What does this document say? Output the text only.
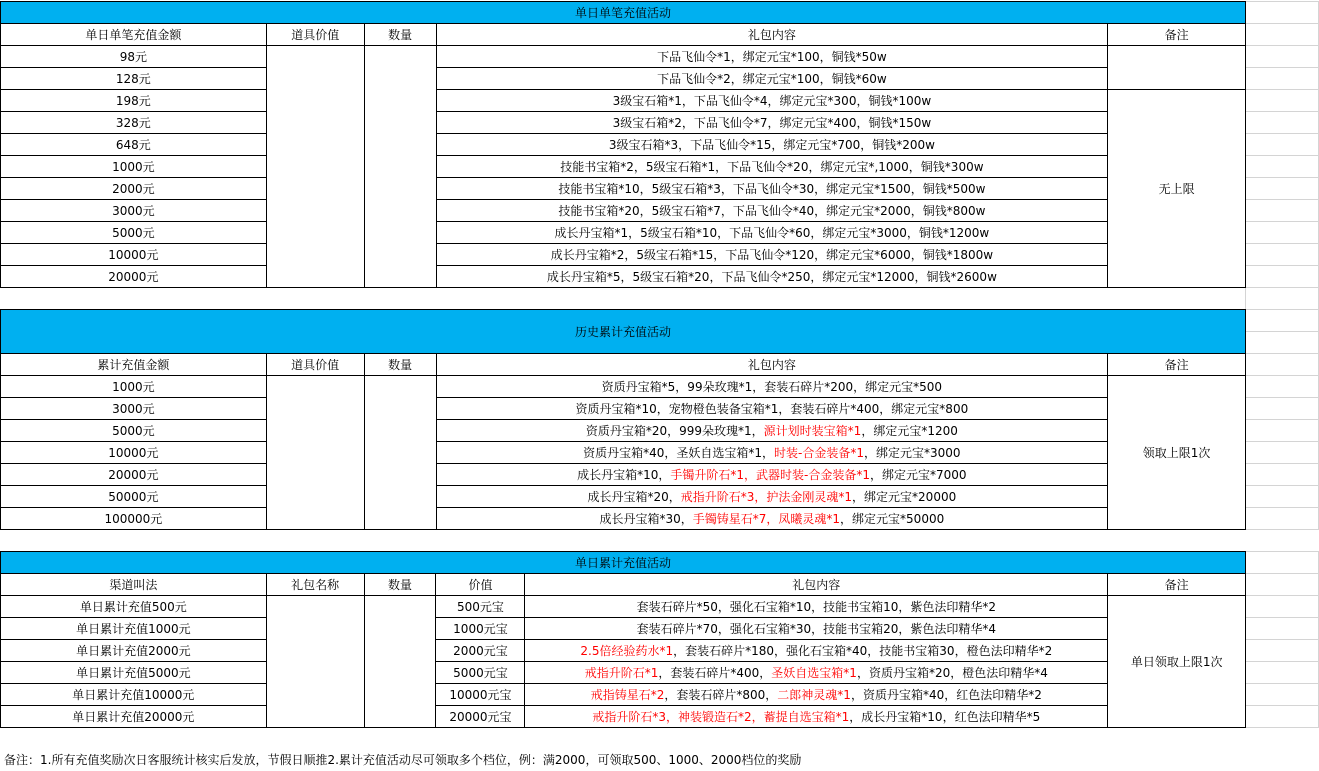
单日单笔充值活动					
单日单笔充值金额	道具价值	数量	礼包内容	备注	
98元			下品飞仙令*1，绑定元宝*100，铜钱*50w		
128元			下品飞仙令*2，绑定元宝*100，铜钱*60w		
198元			3级宝石箱*1，下品飞仙令*4，绑定元宝*300，铜钱*100w	无上限	
328元			3级宝石箱*2，下品飞仙令*7，绑定元宝*400，铜钱*150w		
648元			3级宝石箱*3，下品飞仙令*15，绑定元宝*700，铜钱*200w		
1000元			技能书宝箱*2，5级宝石箱*1，下品飞仙令*20，绑定元宝*,1000，铜钱*300w		
2000元			技能书宝箱*10，5级宝石箱*3，下品飞仙令*30，绑定元宝*1500，铜钱*500w		
3000元			技能书宝箱*20，5级宝石箱*7，下品飞仙令*40，绑定元宝*2000，铜钱*800w		
5000元			成长丹宝箱*1，5级宝石箱*10，下品飞仙令*60，绑定元宝*3000，铜钱*1200w		
10000元			成长丹宝箱*2，5级宝石箱*15，下品飞仙令*120，绑定元宝*6000，铜钱*1800w		
20000元			成长丹宝箱*5，5级宝石箱*20，下品飞仙令*250，绑定元宝*12000，铜钱*2600w		

历史累计充值活动					

累计充值金额	道具价值	数量	礼包内容	备注	
1000元			资质丹宝箱*5，99朵玫瑰*1，套装石碎片*200，绑定元宝*500	领取上限1次	
3000元			资质丹宝箱*10，宠物橙色装备宝箱*1，套装石碎片*400，绑定元宝*800		
5000元			资质丹宝箱*20，999朵玫瑰*1，源计划时装宝箱*1，绑定元宝*1200		
10000元			资质丹宝箱*40，圣妖自选宝箱*1，时装-合金装备*1，绑定元宝*3000		
20000元			成长丹宝箱*10，手镯升阶石*1，武器时装-合金装备*1，绑定元宝*7000		
50000元			成长丹宝箱*20，戒指升阶石*3，护法金刚灵魂*1，绑定元宝*20000		
100000元			成长丹宝箱*30，手镯铸星石*7，凤曦灵魂*1，绑定元宝*50000		
单日累计充值活动						
渠道叫法	礼包名称	数量	价值	礼包内容	备注	
单日累计充值500元			500元宝	套装石碎片*50，强化石宝箱*10，技能书宝箱10，紫色法印精华*2	单日领取上限1次	
单日累计充值1000元			1000元宝	套装石碎片*70，强化石宝箱*30，技能书宝箱20，紫色法印精华*4		
单日累计充值2000元			2000元宝	2.5倍经验药水*1，套装石碎片*180，强化石宝箱*40，技能书宝箱30，橙色法印精华*2		
单日累计充值5000元			5000元宝	戒指升阶石*1，套装石碎片*400，圣妖自选宝箱*1，资质丹宝箱*20，橙色法印精华*4		
单日累计充值10000元			10000元宝	戒指铸星石*2，套装石碎片*800，二郎神灵魂*1，资质丹宝箱*40，红色法印精华*2		
单日累计充值20000元			20000元宝	戒指升阶石*3，神装锻造石*2，蓄提自选宝箱*1，成长丹宝箱*10，红色法印精华*5		
备注：1.所有充值奖励次日客服统计核实后发放，节假日顺推2.累计充值活动尽可领取多个档位，例：满2000，可领取500、1000、2000档位的奖励
